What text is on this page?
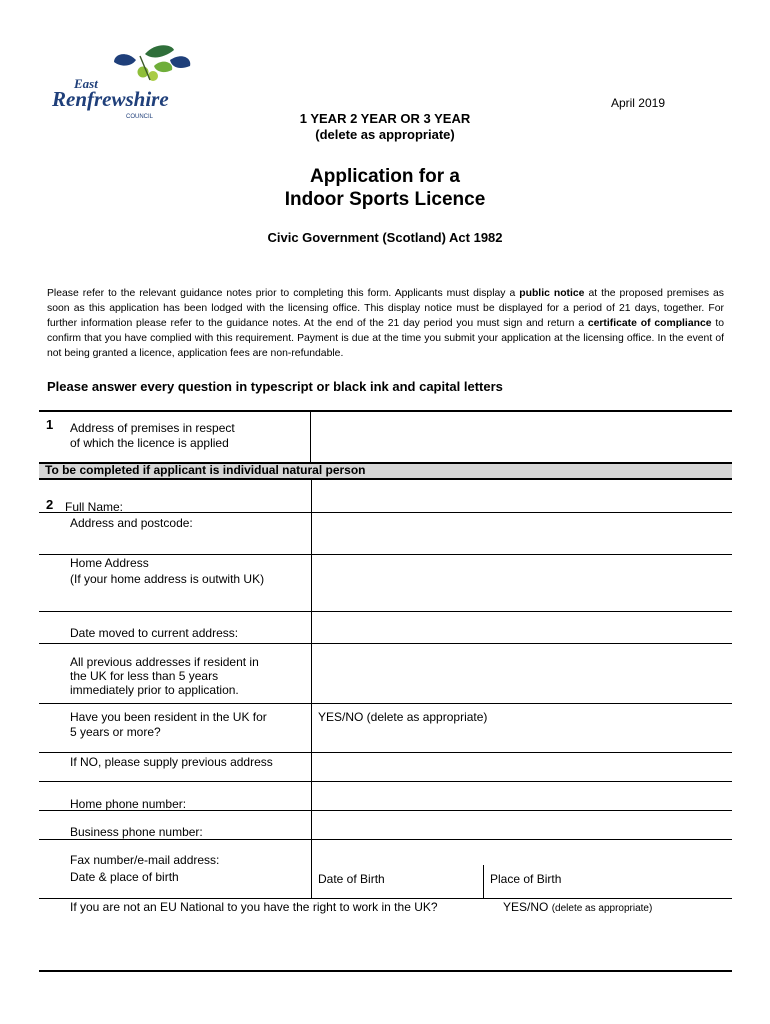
East
Renfrewshire
COUNCIL
April 2019
1 YEAR 2 YEAR OR 3 YEAR
(delete as appropriate)
Application for a
Indoor Sports Licence
Civic Government (Scotland) Act 1982
Please refer to the relevant guidance notes prior to completing this form. Applicants must display a public notice at the proposed premises as soon as this application has been lodged with the licensing office. This display notice must be displayed for a period of 21 days, together. For further information please refer to the guidance notes. At the end of the 21 day period you must sign and return a certificate of compliance to confirm that you have complied with this requirement. Payment is due at the time you submit your application at the licensing office. In the event of not being granted a licence, application fees are non-refundable.
Please answer every question in typescript or black ink and capital letters
1 Address of premises in respect
of which the licence is applied
To be completed if applicant is individual natural person
2 Full Name:
Address and postcode:
Home Address
(If your home address is outwith UK)
Date moved to current address:
All previous addresses if resident in
the UK for less than 5 years
immediately prior to application.
Have you been resident in the UK for
5 years or more?
YES/NO (delete as appropriate)
If NO, please supply previous address
Home phone number:
Business phone number:
Fax number/e-mail address:
Date & place of birth	Date of Birth	Place of Birth
If you are not an EU National to you have the right to work in the UK?	YES/NO (delete as appropriate)
